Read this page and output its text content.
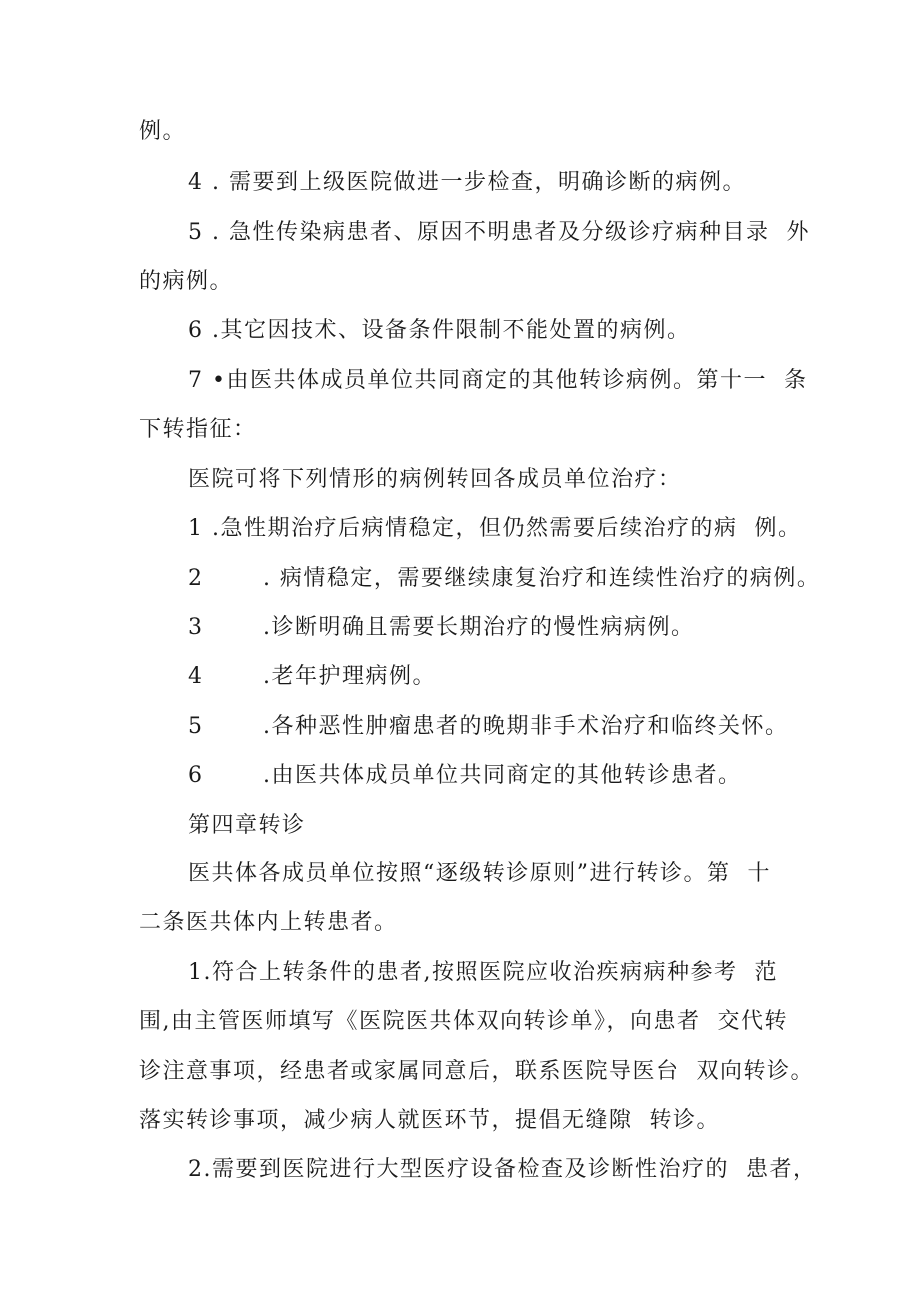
例。
4 . 需要到上级医院做进一步检查，明确诊断的病例。
5 . 急性传染病患者、原因不明患者及分级诊疗病种目录  外
的病例。
6 .其它因技术、设备条件限制不能处置的病例。
7 •由医共体成员单位共同商定的其他转诊病例。第十一  条
下转指征：
医院可将下列情形的病例转回各成员单位治疗：
1 .急性期治疗后病情稳定，但仍然需要后续治疗的病  例。
2       . 病情稳定，需要继续康复治疗和连续性治疗的病例。
3       .诊断明确且需要长期治疗的慢性病病例。
4       .老年护理病例。
5       .各种恶性肿瘤患者的晚期非手术治疗和临终关怀。
6       .由医共体成员单位共同商定的其他转诊患者。
第四章转诊
医共体各成员单位按照“逐级转诊原则”进行转诊。第  十
二条医共体内上转患者。
1.符合上转条件的患者,按照医院应收治疾病病种参考  范
围,由主管医师填写《医院医共体双向转诊单》，向患者  交代转
诊注意事项，经患者或家属同意后，联系医院导医台  双向转诊。
落实转诊事项，减少病人就医环节，提倡无缝隙  转诊。
2.需要到医院进行大型医疗设备检查及诊断性治疗的  患者，
